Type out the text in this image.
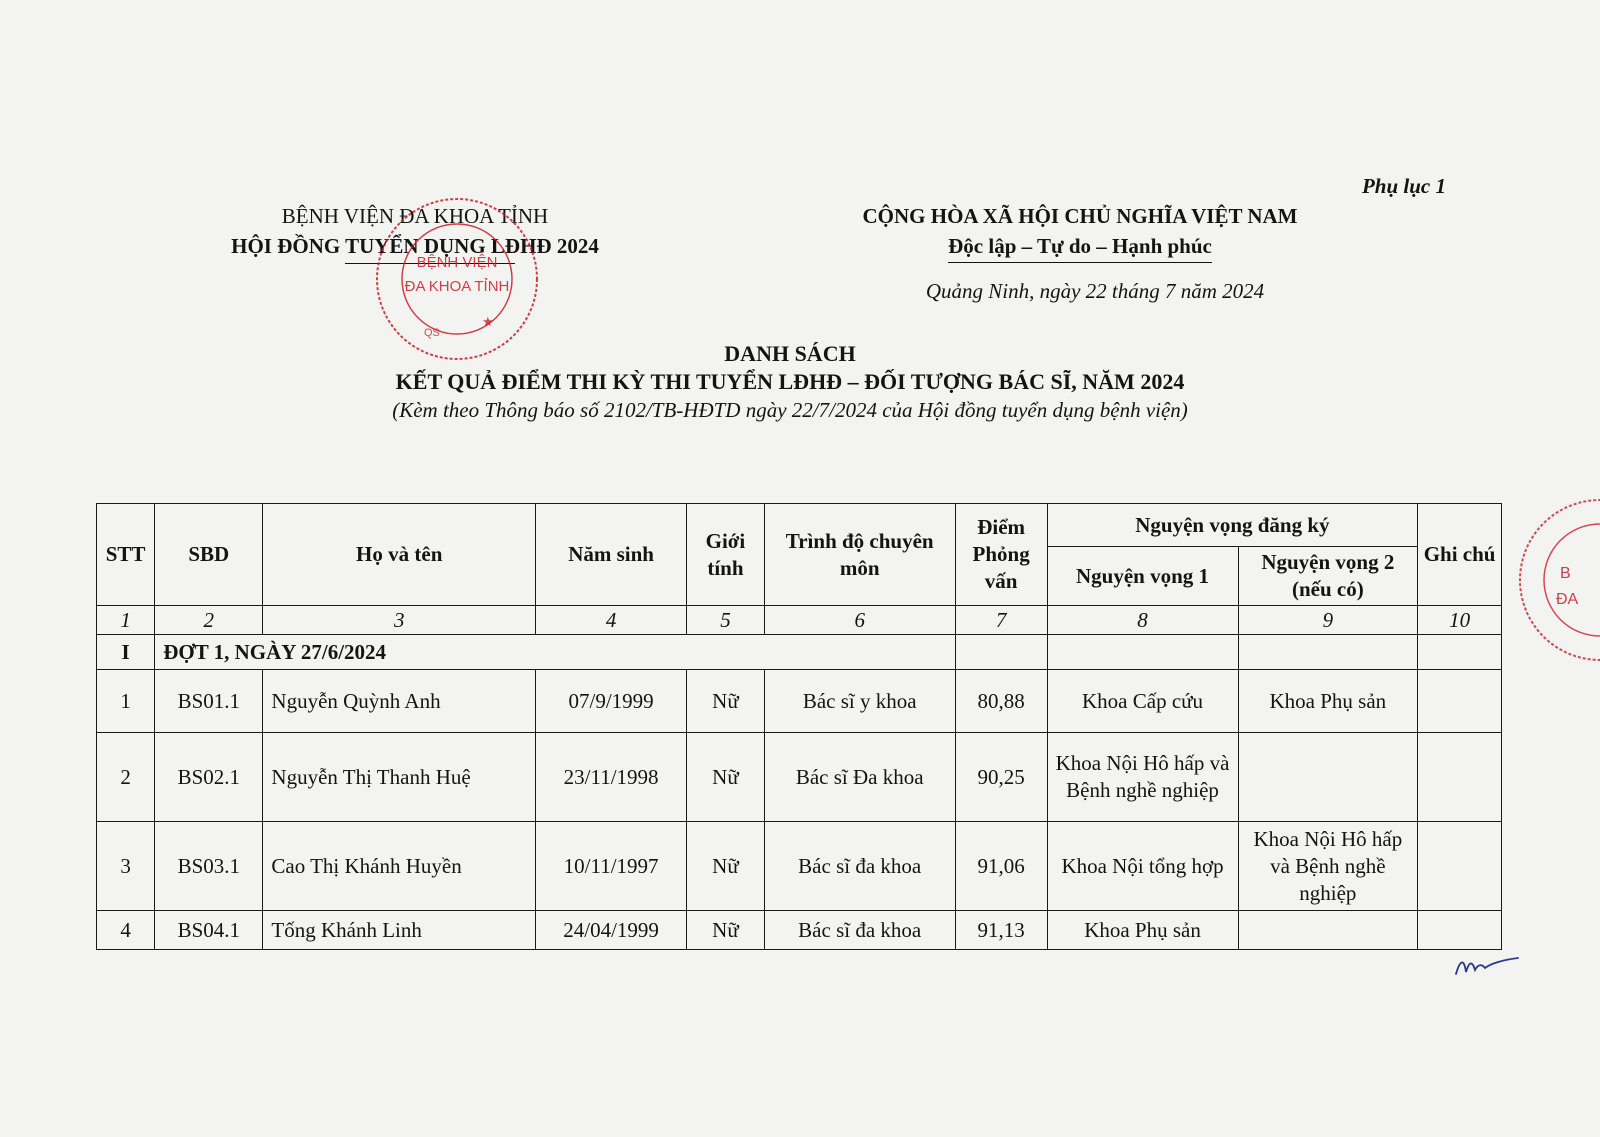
Phụ lục 1
BỆNH VIỆN ĐA KHOA TỈNH
HỘI ĐỒNG TUYỂN DỤNG LĐHĐ 2024
CỘNG HÒA XÃ HỘI CHỦ NGHĨA VIỆT NAM
Độc lập – Tự do – Hạnh phúc
Quảng Ninh, ngày 22 tháng 7 năm 2024
DANH SÁCH
KẾT QUẢ ĐIỂM THI KỲ THI TUYỂN LĐHĐ – ĐỐI TƯỢNG BÁC SĨ, NĂM 2024
(Kèm theo Thông báo số 2102/TB-HĐTD ngày 22/7/2024 của Hội đồng tuyển dụng bệnh viện)
BỆNH VIỆN
ĐA KHOA TỈNH
QS
★
STT	SBD	Họ và tên	Năm sinh	Giới tính	Trình độ chuyên môn	Điểm Phỏng vấn	Nguyện vọng đăng ký		Ghi chú
							Nguyện vọng 1	Nguyện vọng 2 (nếu có)	
1	2	3	4	5	6	7	8	9	10
I	ĐỢT 1, NGÀY 27/6/2024								
1	BS01.1	Nguyễn Quỳnh Anh	07/9/1999	Nữ	Bác sĩ y khoa	80,88	Khoa Cấp cứu	Khoa Phụ sản	
2	BS02.1	Nguyễn Thị Thanh Huệ	23/11/1998	Nữ	Bác sĩ Đa khoa	90,25	Khoa Nội Hô hấp và Bệnh nghề nghiệp		
3	BS03.1	Cao Thị Khánh Huyền	10/11/1997	Nữ	Bác sĩ đa khoa	91,06	Khoa Nội tổng hợp	Khoa Nội Hô hấp và Bệnh nghề nghiệp	
4	BS04.1	Tống Khánh Linh	24/04/1999	Nữ	Bác sĩ đa khoa	91,13	Khoa Phụ sản		
B
ĐA
